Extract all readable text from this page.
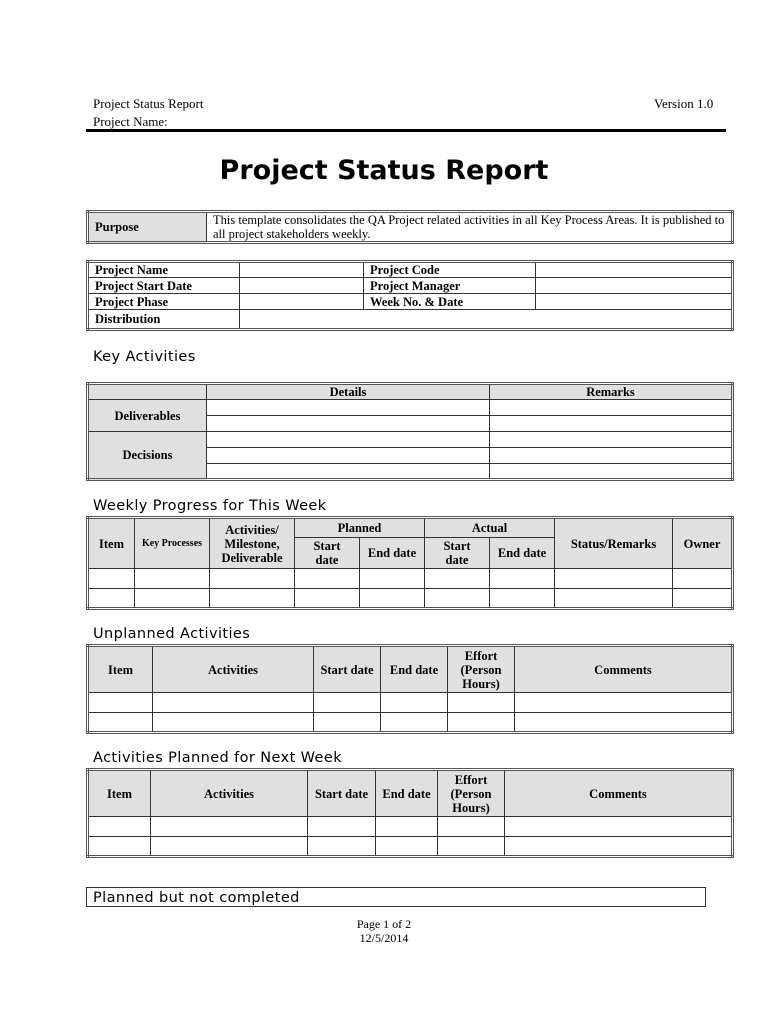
Project Status Report
Project Name:
Version 1.0
Project Status Report
Purpose	This template consolidates the QA Project related activities in all Key Process Areas. It is published to all project stakeholders weekly.
Project Name		Project Code	
Project Start Date		Project Manager	
Project Phase		Week No. & Date	
Distribution			
Key Activities
	Details	Remarks
Deliverables		

Decisions		

Weekly Progress for This Week
Item	Key Processes	Activities/ Milestone, Deliverable	Planned		Actual		Status/Remarks	Owner
			Start date	End date	Start date	End date		

Unplanned Activities
Item	Activities	Start date	End date	Effort (Person Hours)	Comments

Activities Planned for Next Week
Item	Activities	Start date	End date	Effort (Person Hours)	Comments

Planned but not completed
Page 1 of 2
12/5/2014
